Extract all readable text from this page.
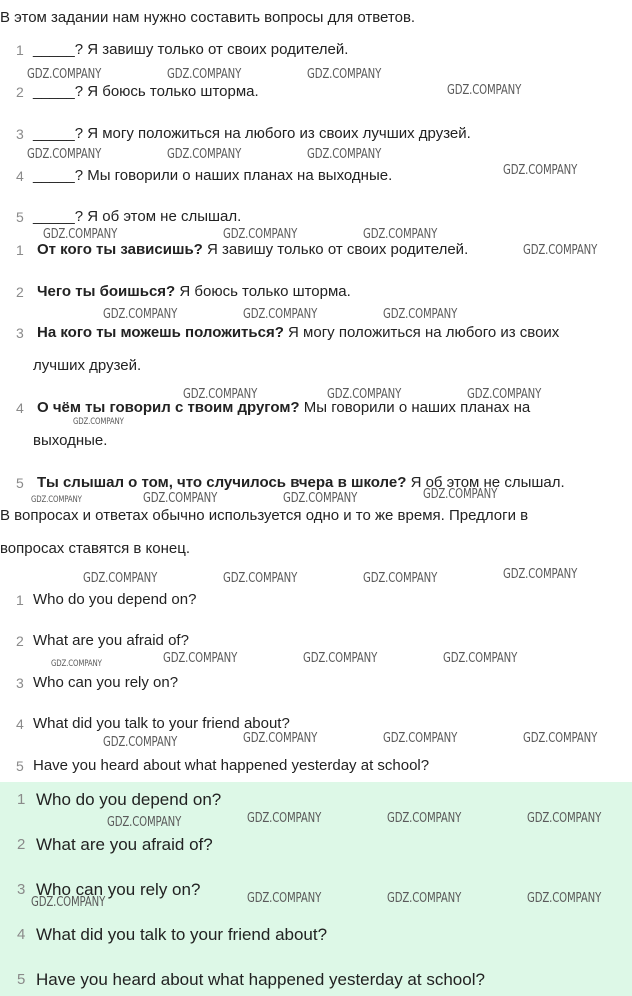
В этом задании нам нужно составить вопросы для ответов.
1 _____? Я завишу только от своих родителей.
2 _____? Я боюсь только шторма.
3 _____? Я могу положиться на любого из своих лучших друзей.
4 _____? Мы говорили о наших планах на выходные.
5 _____? Я об этом не слышал.
1 От кого ты зависишь? Я завишу только от своих родителей.
2 Чего ты боишься? Я боюсь только шторма.
3 На кого ты можешь положиться? Я могу положиться на любого из своих
лучших друзей.
4 О чём ты говорил с твоим другом? Мы говорили о наших планах на
выходные.
5 Ты слышал о том, что случилось вчера в школе? Я об этом не слышал.
В вопросах и ответах обычно используется одно и то же время. Предлоги в
вопросах ставятся в конец.
1 Who do you depend on?
2 What are you afraid of?
3 Who can you rely on?
4 What did you talk to your friend about?
5 Have you heard about what happened yesterday at school?
1 Who do you depend on?
2 What are you afraid of?
3 Who can you rely on?
4 What did you talk to your friend about?
5 Have you heard about what happened yesterday at school?
GDZ.COMPANY	GDZ.COMPANY	GDZ.COMPANY
GDZ.COMPANY
GDZ.COMPANY	GDZ.COMPANY	GDZ.COMPANY
GDZ.COMPANY
GDZ.COMPANY	GDZ.COMPANY	GDZ.COMPANY
GDZ.COMPANY
GDZ.COMPANY	GDZ.COMPANY	GDZ.COMPANY
GDZ.COMPANY	GDZ.COMPANY	GDZ.COMPANY
GDZ.COMPANY
GDZ.COMPANY	GDZ.COMPANY	GDZ.COMPANY	GDZ.COMPANY
GDZ.COMPANY	GDZ.COMPANY	GDZ.COMPANY	GDZ.COMPANY
GDZ.COMPANY	GDZ.COMPANY	GDZ.COMPANY	GDZ.COMPANY
GDZ.COMPANY	GDZ.COMPANY	GDZ.COMPANY	GDZ.COMPANY
GDZ.COMPANY	GDZ.COMPANY	GDZ.COMPANY	GDZ.COMPANY
GDZ.COMPANY	GDZ.COMPANY	GDZ.COMPANY	GDZ.COMPANY
